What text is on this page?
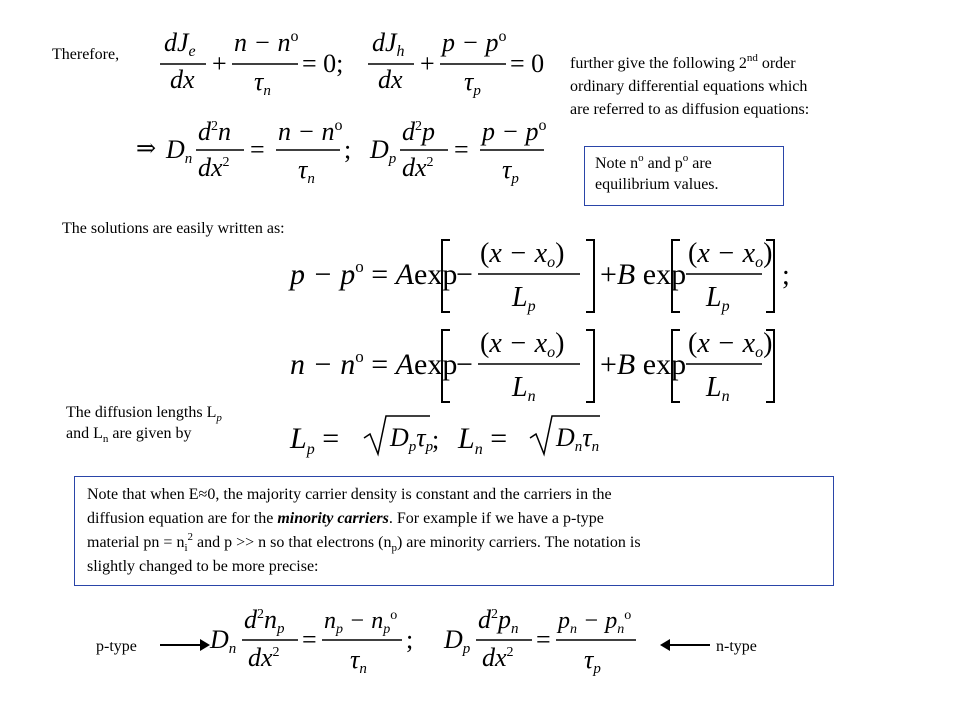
Therefore,
further give the following 2nd order
ordinary differential equations which
are referred to as diffusion equations:
dJe
dx
+
$n - n^o$
τn
= 0;
dJh
dx
+
$p - p^o$
τp
= 0
⇒ Dn
$d^2n$
$dx^2$ =
$n - n^o$
τn
; Dp
$d^2p$
$dx^2$ =
$p - p^o$
τp
Note $n^o$ and $p^o$ are
equilibrium values.
The solutions are easily written as:
$p - p^o = Aexp$
−
(x − xo)
Lp
+B exp
(x − xo)
Lp
;
$n - n^o = Aexp$
−
(x − xo)
Ln
+B exp
(x − xo)
Ln
The diffusion lengths $L_p$
and $L_n$ are given by	$L_p = Dp\tau p$
; $L_n = Dn\tau n$
Note that when E≈0, the majority carrier density is constant and the carriers in the
diffusion equation are for the minority carriers. For example if we have a p-type
material pn = $n_i^2$ and p >> n so that electrons $(n_p)$ are minority carriers. The notation is
slightly changed to be more precise:
p-type	Dn
$d^2np$
$dx^2$ =
$n_p - n_p^o$
τn
; Dp
$d^2pn$
$dx^2$ =
$p_n - p_n^o$
τp
n-type
